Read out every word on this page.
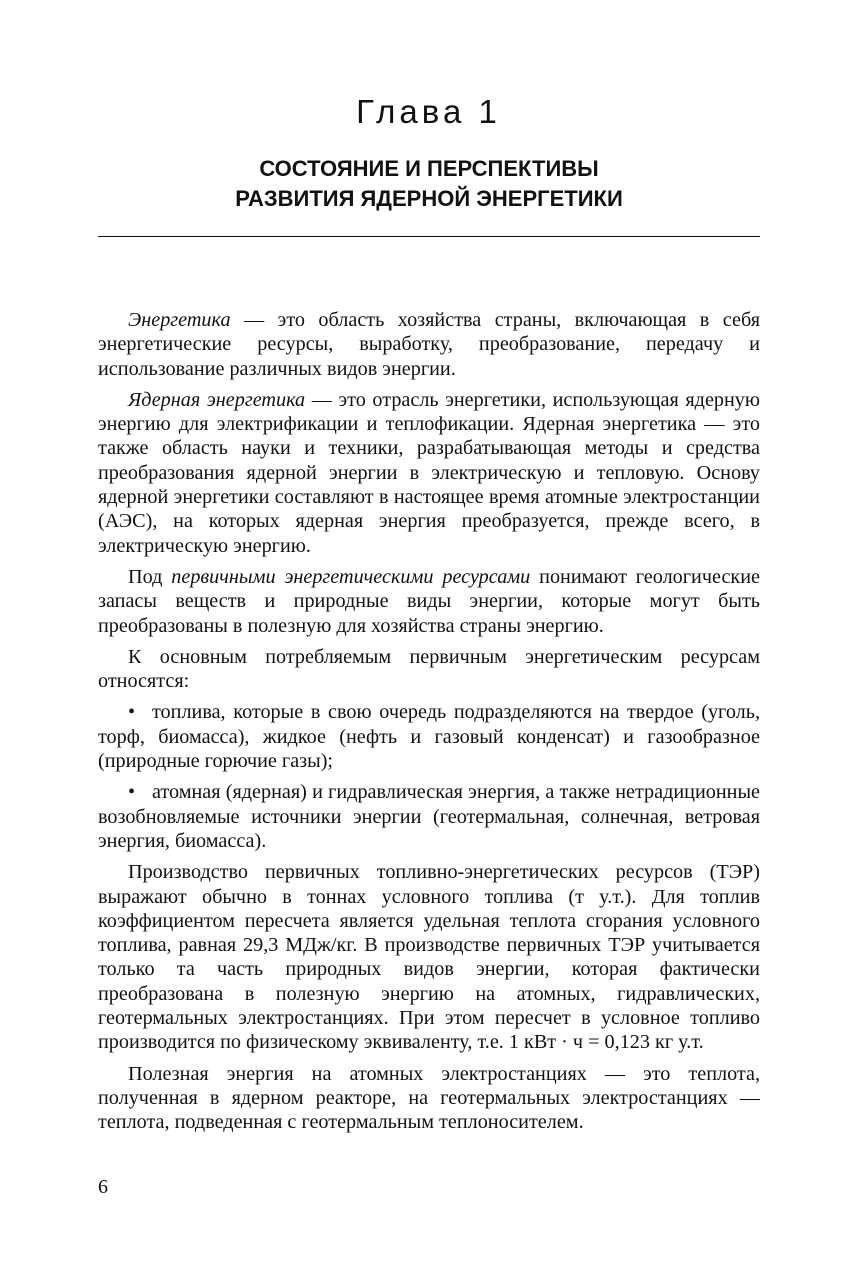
Глава 1
СОСТОЯНИЕ И ПЕРСПЕКТИВЫ
РАЗВИТИЯ ЯДЕРНОЙ ЭНЕРГЕТИКИ

Энергетика — это область хозяйства страны, включающая в себя энергетические ресурсы, выработку, преобразование, передачу и использование различных видов энергии.

Ядерная энергетика — это отрасль энергетики, использующая ядерную энергию для электрификации и теплофикации. Ядерная энергетика — это также область науки и техники, разрабатывающая методы и средства преобразования ядерной энергии в электрическую и тепловую. Основу ядерной энергетики составляют в настоящее время атомные электростанции (АЭС), на которых ядерная энергия преобразуется, прежде всего, в электрическую энергию.

Под первичными энергетическими ресурсами понимают геологические запасы веществ и природные виды энергии, которые могут быть преобразованы в полезную для хозяйства страны энергию.

К основным потребляемым первичным энергетическим ресурсам относятся:

• топлива, которые в свою очередь подразделяются на твердое (уголь, торф, биомасса), жидкое (нефть и газовый конденсат) и газообразное (природные горючие газы);

• атомная (ядерная) и гидравлическая энергия, а также нетрадиционные возобновляемые источники энергии (геотермальная, солнечная, ветровая энергия, биомасса).

Производство первичных топливно-энергетических ресурсов (ТЭР) выражают обычно в тоннах условного топлива (т у.т.). Для топлив коэффициентом пересчета является удельная теплота сгорания условного топлива, равная 29,3 МДж/кг. В производстве первичных ТЭР учитывается только та часть природных видов энергии, которая фактически преобразована в полезную энергию на атомных, гидравлических, геотермальных электростанциях. При этом пересчет в условное топливо производится по физическому эквиваленту, т.е. 1 кВт · ч = 0,123 кг у.т.

Полезная энергия на атомных электростанциях — это теплота, полученная в ядерном реакторе, на геотермальных электростанциях — теплота, подведенная с геотермальным теплоносителем.

6
